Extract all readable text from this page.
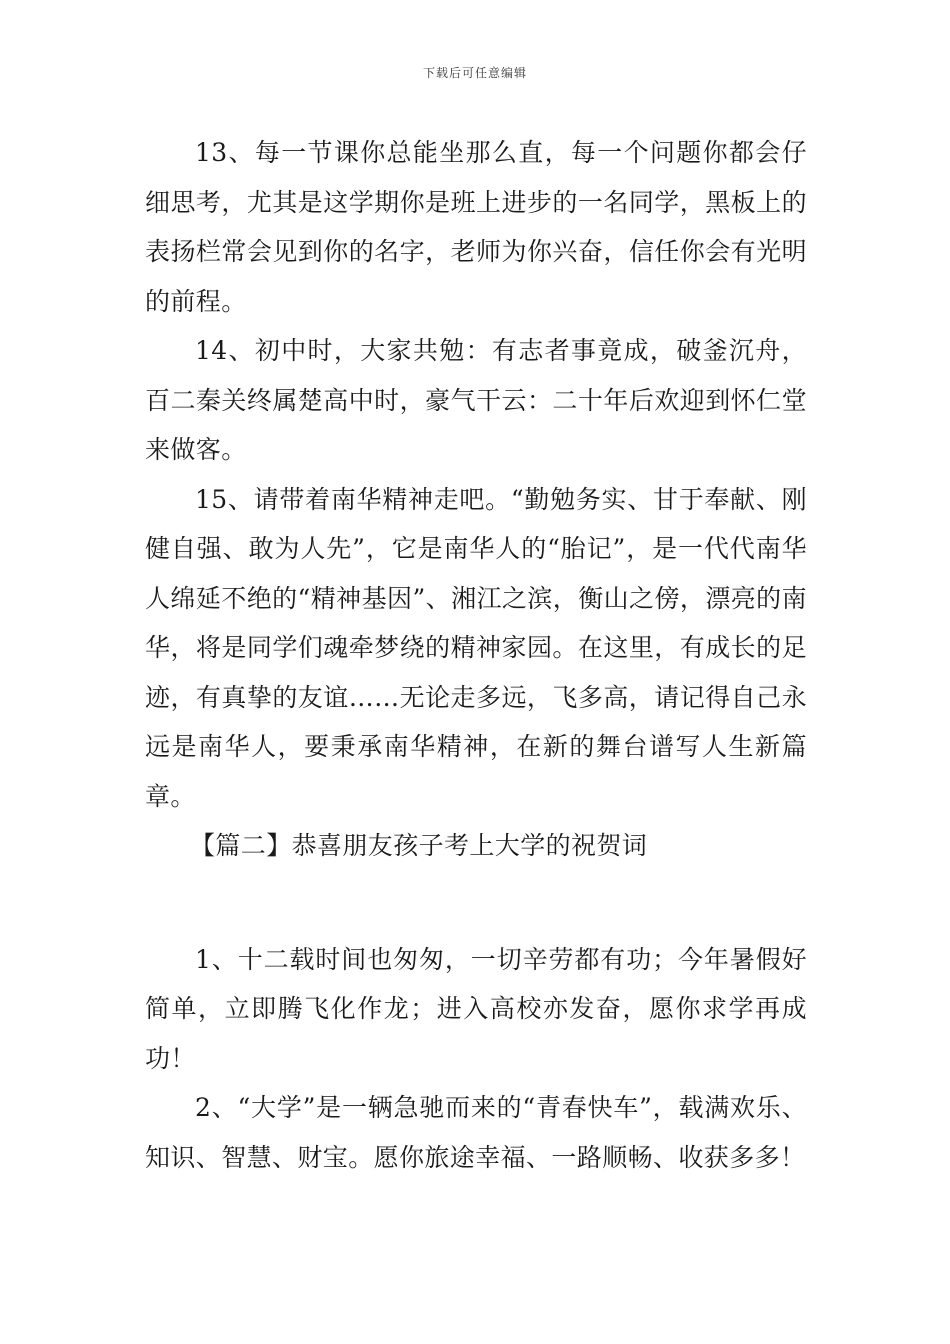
下载后可任意编辑

13、每一节课你总能坐那么直，每一个问题你都会仔细思考，尤其是这学期你是班上进步的一名同学，黑板上的表扬栏常会见到你的名字，老师为你兴奋，信任你会有光明的前程。

14、初中时，大家共勉：有志者事竟成，破釜沉舟，百二秦关终属楚高中时，豪气干云：二十年后欢迎到怀仁堂来做客。

15、请带着南华精神走吧。“勤勉务实、甘于奉献、刚健自强、敢为人先”，它是南华人的“胎记”，是一代代南华人绵延不绝的“精神基因”、湘江之滨，衡山之傍，漂亮的南华，将是同学们魂牵梦绕的精神家园。在这里，有成长的足迹，有真挚的友谊……无论走多远，飞多高，请记得自己永远是南华人，要秉承南华精神，在新的舞台谱写人生新篇章。

【篇二】恭喜朋友孩子考上大学的祝贺词

1、十二载时间也匆匆，一切辛劳都有功；今年暑假好简单，立即腾飞化作龙；进入高校亦发奋，愿你求学再成功！

2、“大学”是一辆急驰而来的“青春快车”，载满欢乐、知识、智慧、财宝。愿你旅途幸福、一路顺畅、收获多多！
